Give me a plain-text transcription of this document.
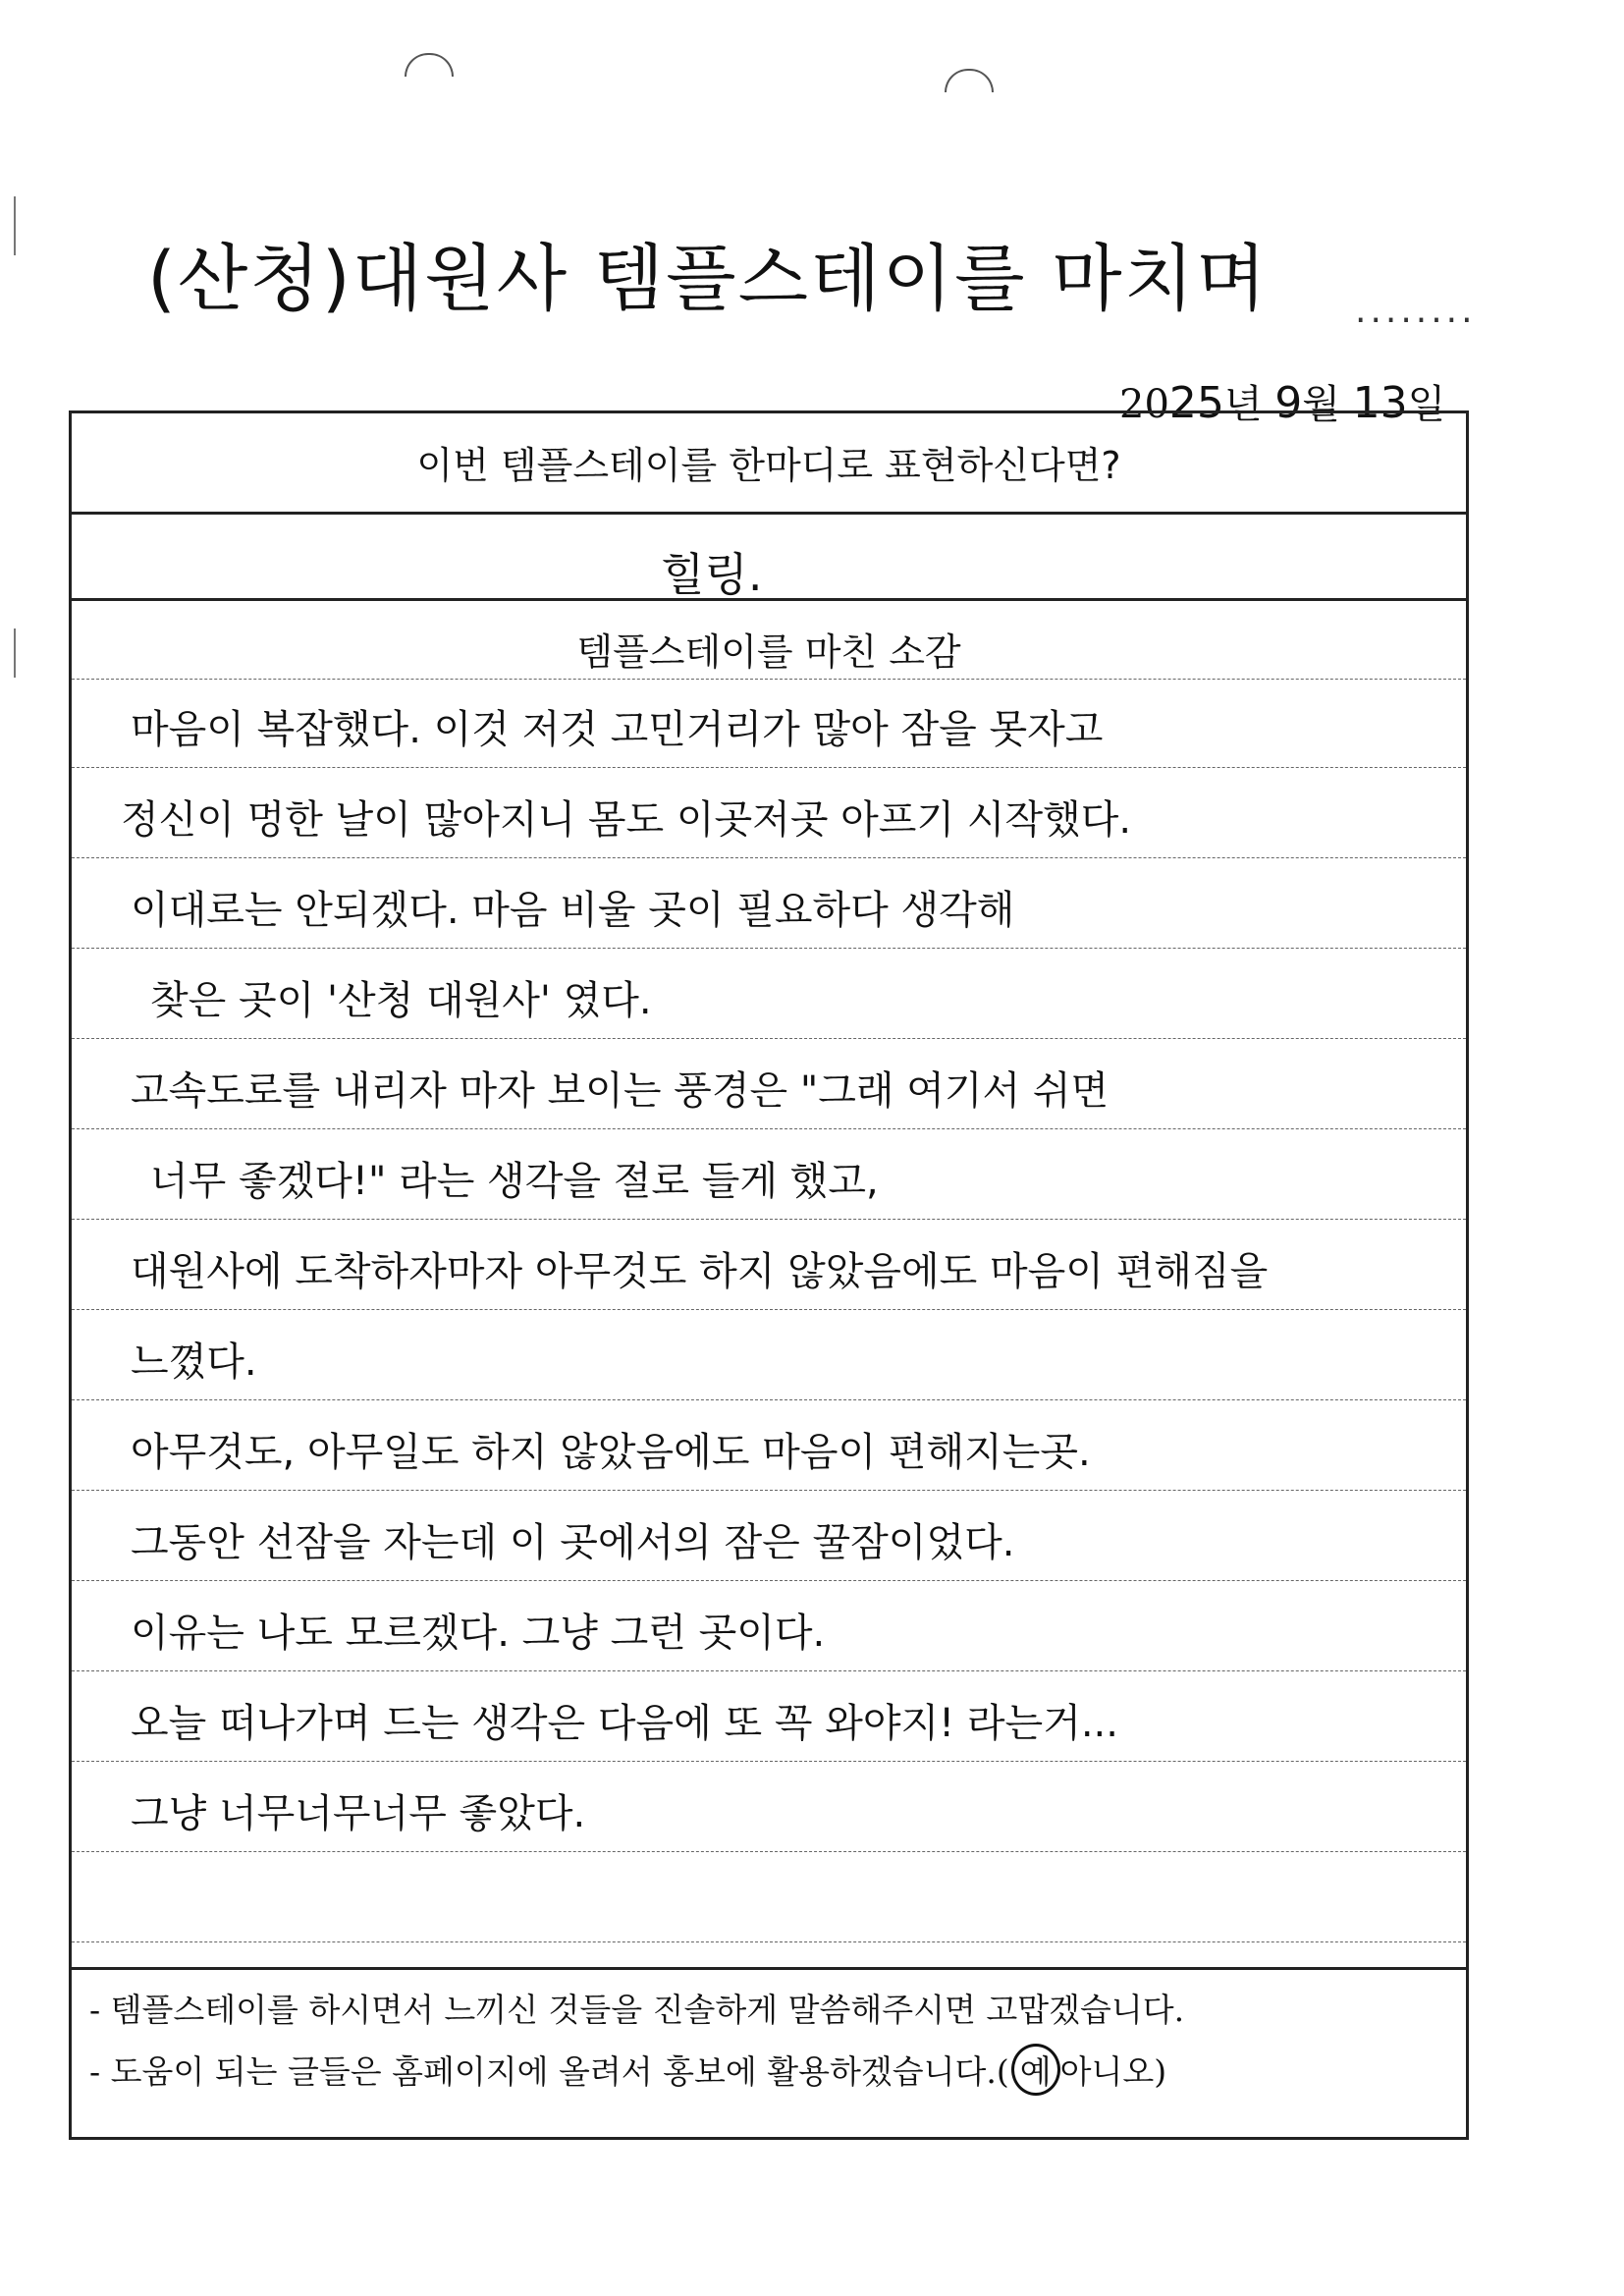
(산청)대원사 템플스테이를 마치며 ........
2025년 9월 13일
이번 템플스테이를 한마디로 표현하신다면?
힐링.
템플스테이를 마친 소감
마음이 복잡했다. 이것 저것 고민거리가 많아 잠을 못자고
정신이 멍한 날이 많아지니 몸도 이곳저곳 아프기 시작했다.
이대로는 안되겠다. 마음 비울 곳이 필요하다 생각해
찾은 곳이 '산청 대원사' 였다.
고속도로를 내리자 마자 보이는 풍경은 "그래 여기서 쉬면
너무 좋겠다!" 라는 생각을 절로 들게 했고,
대원사에 도착하자마자 아무것도 하지 않았음에도 마음이 편해짐을
느꼈다.
아무것도, 아무일도 하지 않았음에도 마음이 편해지는곳.
그동안 선잠을 자는데 이 곳에서의 잠은 꿀잠이었다.
이유는 나도 모르겠다. 그냥 그런 곳이다.
오늘 떠나가며 드는 생각은 다음에 또 꼭 와야지! 라는거...
그냥 너무너무너무 좋았다.
- 템플스테이를 하시면서 느끼신 것들을 진솔하게 말씀해주시면 고맙겠습니다.
- 도움이 되는 글들은 홈페이지에 올려서 홍보에 활용하겠습니다.( 예 아니오)
